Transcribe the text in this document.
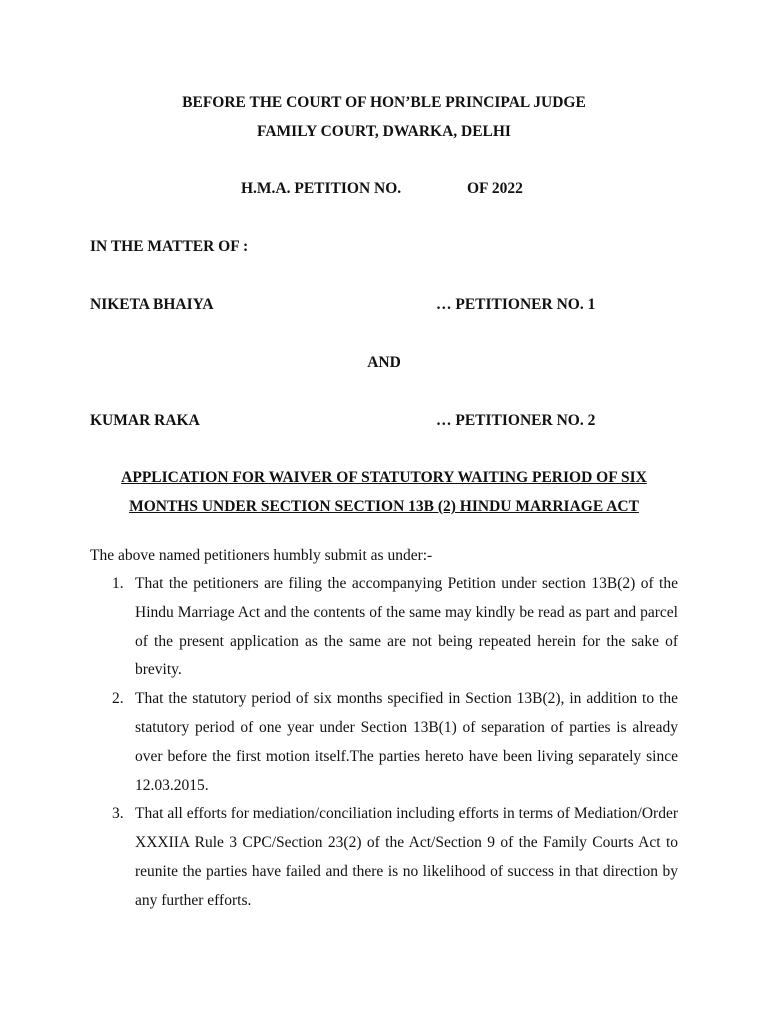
BEFORE THE COURT OF HON’BLE PRINCIPAL JUDGE
FAMILY COURT, DWARKA, DELHI
H.M.A. PETITION NO.	OF 2022
IN THE MATTER OF :
NIKETA BHAIYA	… PETITIONER NO. 1
AND
KUMAR RAKA	… PETITIONER NO. 2
APPLICATION FOR WAIVER OF STATUTORY WAITING PERIOD OF SIX
MONTHS UNDER SECTION SECTION 13B (2) HINDU MARRIAGE ACT
The above named petitioners humbly submit as under:-
1. That the petitioners are filing the accompanying Petition under section 13B(2) of the Hindu Marriage Act and the contents of the same may kindly be read as part and parcel of the present application as the same are not being repeated herein for the sake of brevity.
2. That the statutory period of six months specified in Section 13B(2), in addition to the statutory period of one year under Section 13B(1) of separation of parties is already over before the first motion itself.The parties hereto have been living separately since 12.03.2015.
3. That all efforts for mediation/conciliation including efforts in terms of Mediation/Order XXXIIA Rule 3 CPC/Section 23(2) of the Act/Section 9 of the Family Courts Act to reunite the parties have failed and there is no likelihood of success in that direction by any further efforts.
